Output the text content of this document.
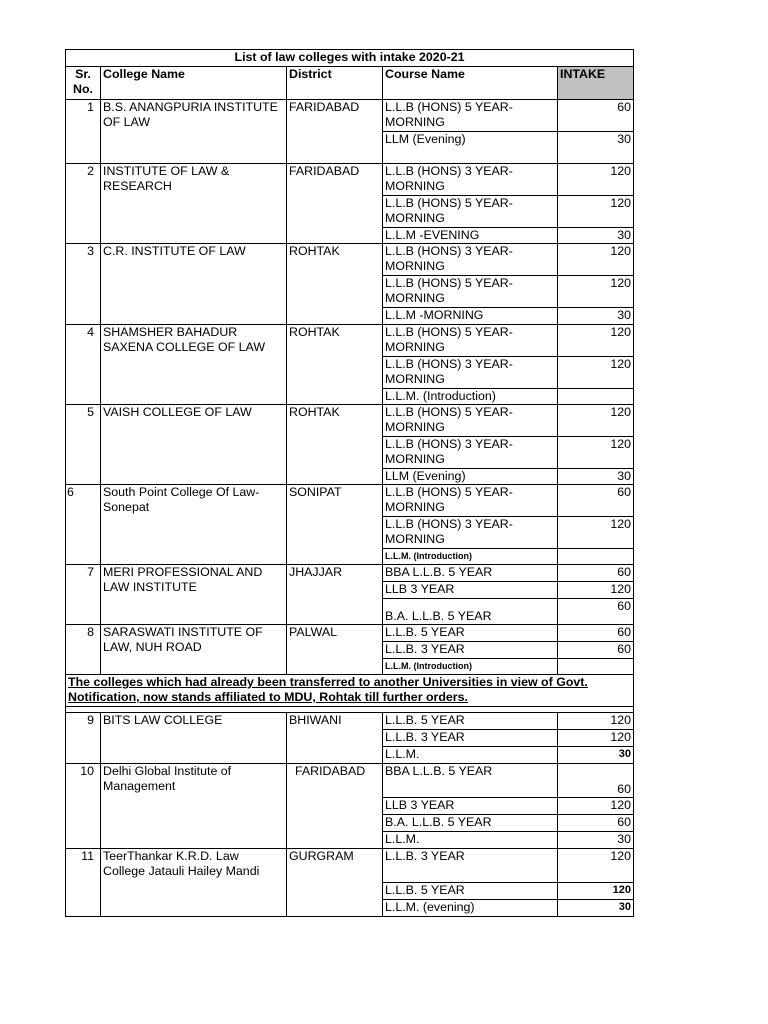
List of law colleges with intake 2020-21				
Sr. No.	College Name	District	Course Name	INTAKE
1	B.S. ANANGPURIA INSTITUTE OF LAW	FARIDABAD	L.L.B (HONS) 5 YEAR- MORNING	60
			LLM (Evening)	30
2	INSTITUTE OF LAW & RESEARCH	FARIDABAD	L.L.B (HONS) 3 YEAR- MORNING	120
			L.L.B (HONS) 5 YEAR- MORNING	120
			L.L.M -EVENING	30
3	C.R. INSTITUTE OF LAW	ROHTAK	L.L.B (HONS) 3 YEAR- MORNING	120
			L.L.B (HONS) 5 YEAR- MORNING	120
			L.L.M -MORNING	30
4	SHAMSHER BAHADUR SAXENA COLLEGE OF LAW	ROHTAK	L.L.B (HONS) 5 YEAR- MORNING	120
			L.L.B (HONS) 3 YEAR- MORNING	120
			L.L.M. (Introduction)	
5	VAISH COLLEGE OF LAW	ROHTAK	L.L.B (HONS) 5 YEAR- MORNING	120
			L.L.B (HONS) 3 YEAR- MORNING	120
			LLM (Evening)	30
6	South Point College Of Law-Sonepat	SONIPAT	L.L.B (HONS) 5 YEAR- MORNING	60
			L.L.B (HONS) 3 YEAR- MORNING	120
			L.L.M. (Introduction)	
7	MERI PROFESSIONAL AND LAW INSTITUTE	JHAJJAR	BBA L.L.B. 5 YEAR	60
			LLB 3 YEAR	120
			B.A. L.L.B. 5 YEAR	60
8	SARASWATI INSTITUTE OF LAW, NUH ROAD	PALWAL	L.L.B. 5 YEAR	60
			L.L.B. 3 YEAR	60
			L.L.M. (Introduction)	
The colleges which had already been transferred to another Universities in view of Govt. Notification, now stands affiliated to MDU, Rohtak till further orders.				

9	BITS LAW COLLEGE	BHIWANI	L.L.B. 5 YEAR	120
			L.L.B. 3 YEAR	120
			L.L.M.	30
10	Delhi Global Institute of Management	FARIDABAD	BBA L.L.B. 5 YEAR	60
			LLB 3 YEAR	120
			B.A. L.L.B. 5 YEAR	60
			L.L.M.	30
11	TeerThankar K.R.D. Law College Jatauli Hailey Mandi	GURGRAM	L.L.B. 3 YEAR	120
			L.L.B. 5 YEAR	120
			L.L.M. (evening)	30
